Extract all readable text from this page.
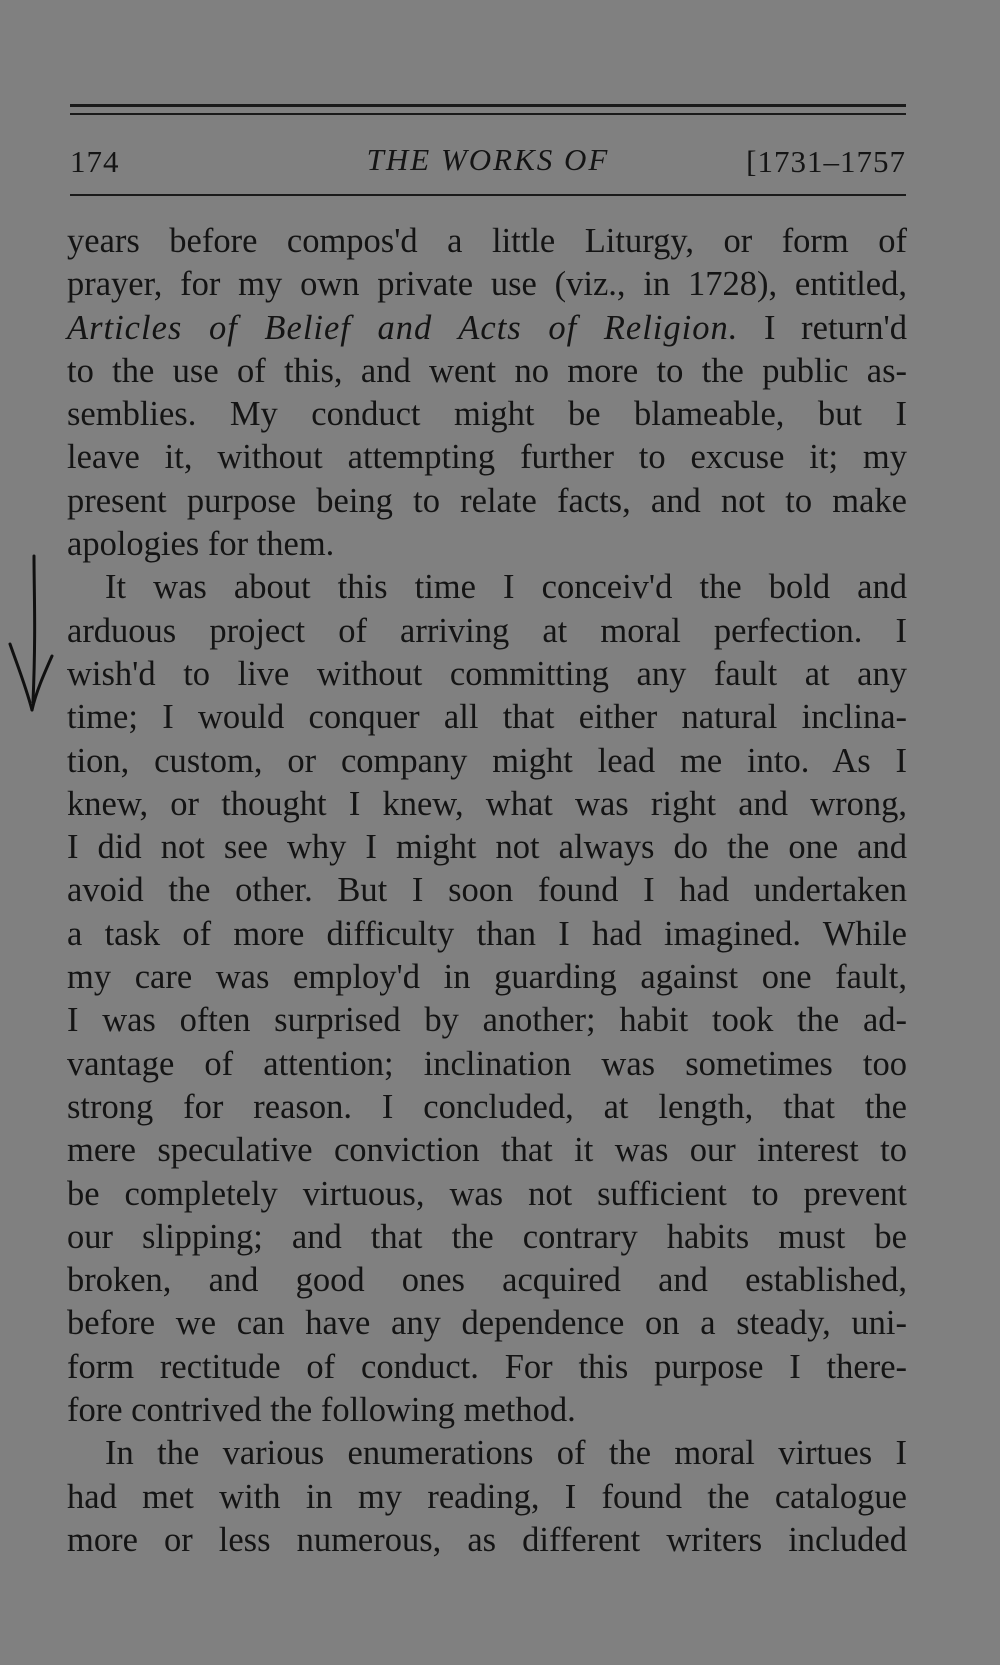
174	THE WORKS OF	[1731–1757
years before compos'd a little Liturgy, or form of
prayer, for my own private use (viz., in 1728), entitled,
Articles of Belief and Acts of Religion. I return'd
to the use of this, and went no more to the public as-
semblies. My conduct might be blameable, but I
leave it, without attempting further to excuse it; my
present purpose being to relate facts, and not to make
apologies for them.
It was about this time I conceiv'd the bold and
arduous project of arriving at moral perfection. I
wish'd to live without committing any fault at any
time; I would conquer all that either natural inclina-
tion, custom, or company might lead me into. As I
knew, or thought I knew, what was right and wrong,
I did not see why I might not always do the one and
avoid the other. But I soon found I had undertaken
a task of more difficulty than I had imagined. While
my care was employ'd in guarding against one fault,
I was often surprised by another; habit took the ad-
vantage of attention; inclination was sometimes too
strong for reason. I concluded, at length, that the
mere speculative conviction that it was our interest to
be completely virtuous, was not sufficient to prevent
our slipping; and that the contrary habits must be
broken, and good ones acquired and established,
before we can have any dependence on a steady, uni-
form rectitude of conduct. For this purpose I there-
fore contrived the following method.
In the various enumerations of the moral virtues I
had met with in my reading, I found the catalogue
more or less numerous, as different writers included
